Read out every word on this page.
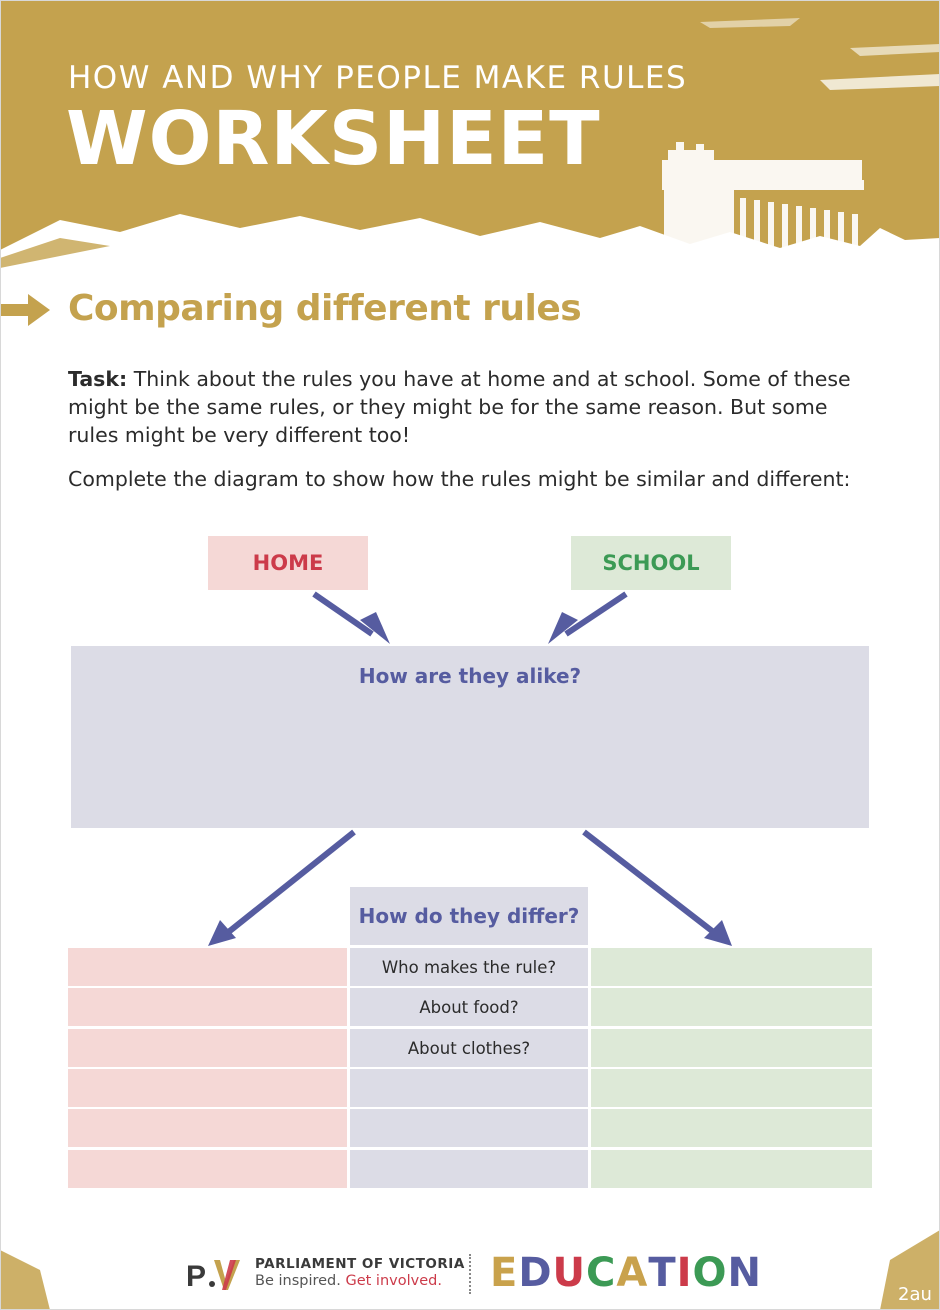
HOW AND WHY PEOPLE MAKE RULES
WORKSHEET
Comparing different rules
Task: Think about the rules you have at home and at school. Some of these might be the same rules, or they might be for the same reason. But some rules might be very different too!
Complete the diagram to show how the rules might be similar and different:
HOME	SCHOOL
How are they alike?
How do they differ?
Who makes the rule?
About food?
About clothes?
P	PARLIAMENT OF VICTORIA
Be inspired. Get involved. EDUCATION	2au
